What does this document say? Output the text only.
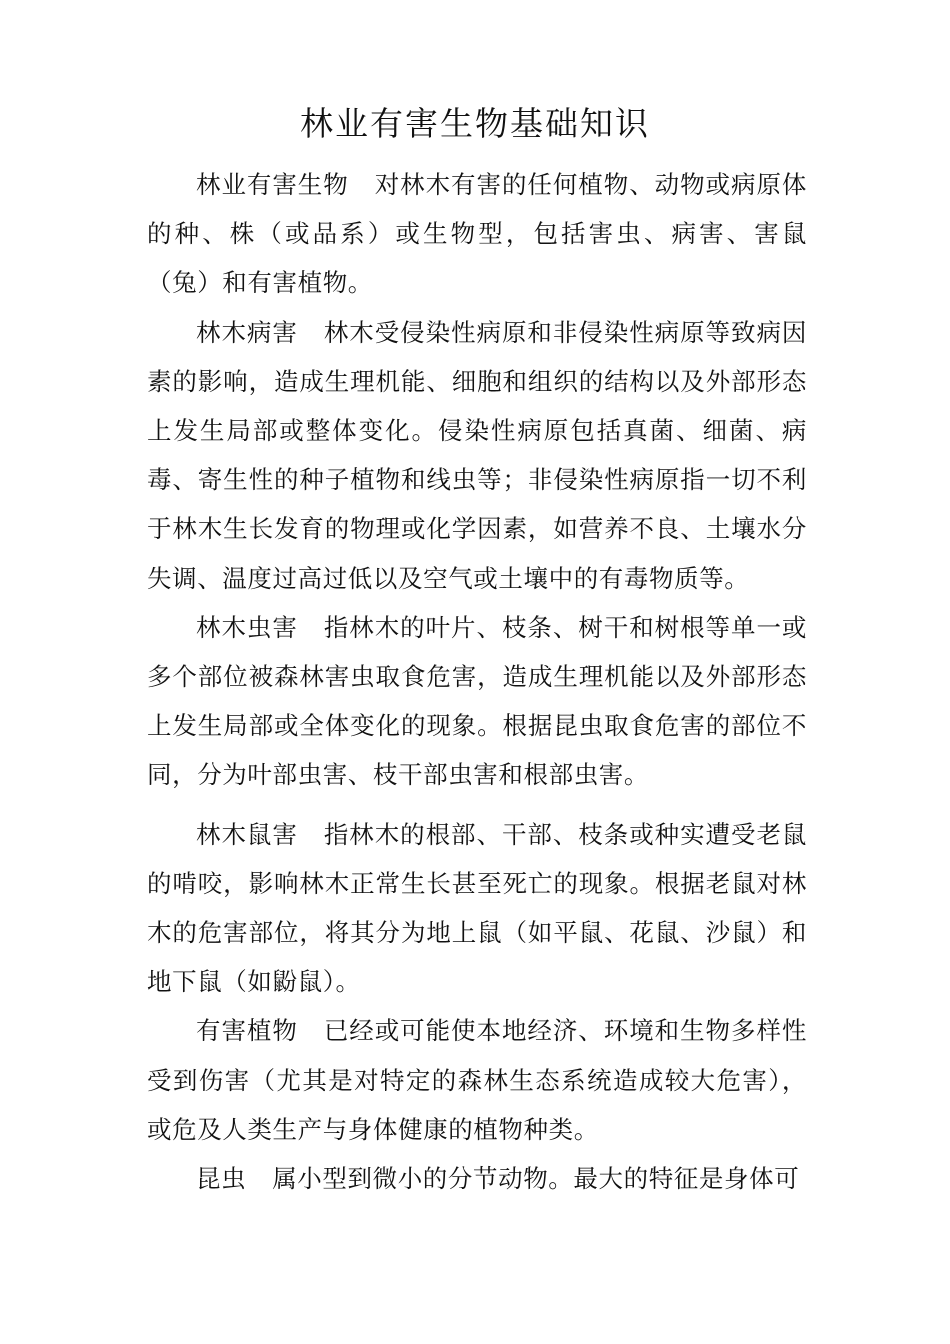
林业有害生物基础知识

林业有害生物 对林木有害的任何植物、动物或病原体的种、株（或品系）或生物型，包括害虫、病害、害鼠（兔）和有害植物。

林木病害 林木受侵染性病原和非侵染性病原等致病因素的影响，造成生理机能、细胞和组织的结构以及外部形态上发生局部或整体变化。侵染性病原包括真菌、细菌、病毒、寄生性的种子植物和线虫等；非侵染性病原指一切不利于林木生长发育的物理或化学因素，如营养不良、土壤水分失调、温度过高过低以及空气或土壤中的有毒物质等。

林木虫害 指林木的叶片、枝条、树干和树根等单一或多个部位被森林害虫取食危害，造成生理机能以及外部形态上发生局部或全体变化的现象。根据昆虫取食危害的部位不同，分为叶部虫害、枝干部虫害和根部虫害。

林木鼠害 指林木的根部、干部、枝条或种实遭受老鼠的啃咬，影响林木正常生长甚至死亡的现象。根据老鼠对林木的危害部位，将其分为地上鼠（如平鼠、花鼠、沙鼠）和地下鼠（如鼢鼠）。

有害植物 已经或可能使本地经济、环境和生物多样性受到伤害（尤其是对特定的森林生态系统造成较大危害），或危及人类生产与身体健康的植物种类。

昆虫 属小型到微小的分节动物。最大的特征是身体可
